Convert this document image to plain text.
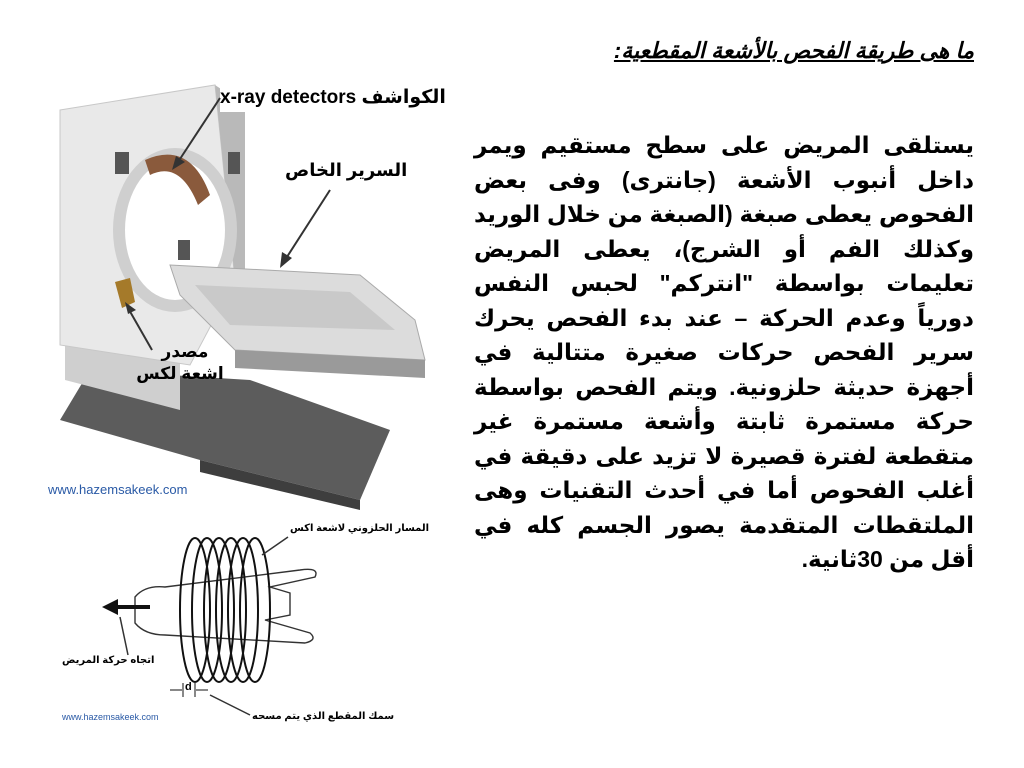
ما هى طريقة الفحص بالأشعة المقطعية:
يستلقى المريض على سطح مستقيم ويمر داخل أنبوب الأشعة (جانترى) وفى بعض الفحوص يعطى صبغة (الصبغة من خلال الوريد وكذلك الفم أو الشرج)، يعطى المريض تعليمات بواسطة "انتركم" لحبس النفس دورياً وعدم الحركة – عند بدء الفحص يحرك سرير الفحص حركات صغيرة متتالية في أجهزة حديثة حلزونية. ويتم الفحص بواسطة حركة مستمرة ثابتة وأشعة مستمرة غير متقطعة لفترة قصيرة لا تزيد على دقيقة في أغلب الفحوص أما في أحدث التقنيات وهى الملتقطات المتقدمة يصور الجسم كله في أقل من 30ثانية.
x-ray detectors الكواشف
السرير الخاص
مصدر
اشعة لكس
www.hazemsakeek.com
المسار الحلزوني لاشعة اكس
اتجاه حركة المريض
d
سمك المقطع الذي يتم مسحه
www.hazemsakeek.com
